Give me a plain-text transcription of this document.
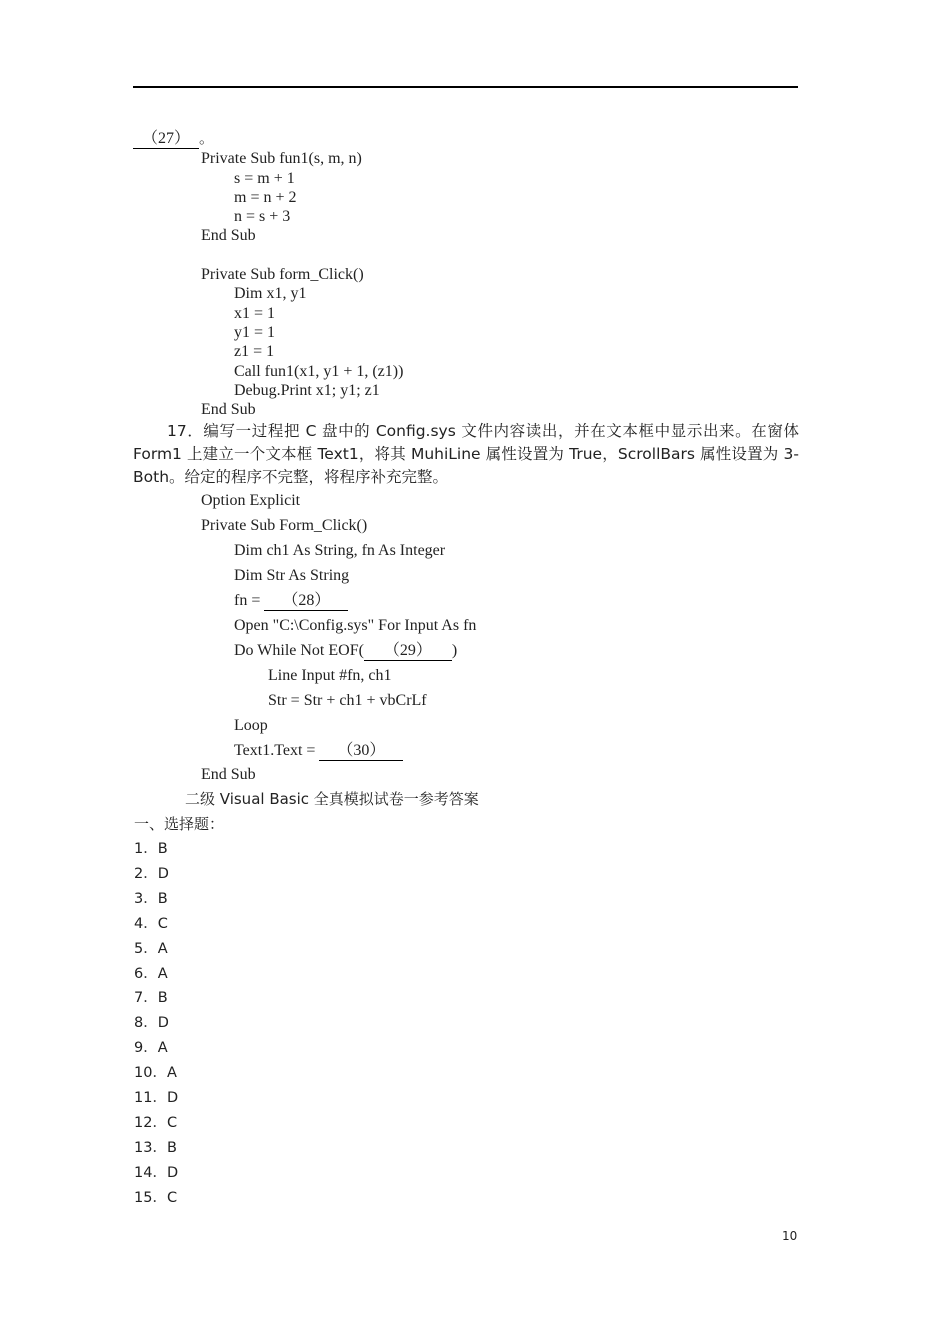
（27） 。
Private Sub fun1(s, m, n)
s = m + 1
m = n + 2
n = s + 3
End Sub
Private Sub form_Click()
Dim x1, y1
x1 = 1
y1 = 1
z1 = 1
Call fun1(x1, y1 + 1, (z1))
Debug.Print x1; y1; z1
End Sub
17．编写一过程把 C 盘中的 Config.sys 文件内容读出，并在文本框中显示出来。在窗体 Form1 上建立一个文本框 Text1，将其 MuhiLine 属性设置为 True，ScrollBars 属性设置为 3-Both。给定的程序不完整，将程序补充完整。
Option Explicit
Private Sub Form_Click()
Dim ch1 As String, fn As Integer
Dim Str As String
fn = （28）
Open "C:\Config.sys" For Input As fn
Do While Not EOF( （29） )
Line Input #fn, ch1
Str = Str + ch1 + vbCrLf
Loop
Text1.Text = （30）
End Sub
二级 Visual Basic 全真模拟试卷一参考答案
一、选择题：
1．B
2．D
3．B
4．C
5．A
6．A
7．B
8．D
9．A
10．A
11．D
12．C
13．B
14．D
15．C
10
